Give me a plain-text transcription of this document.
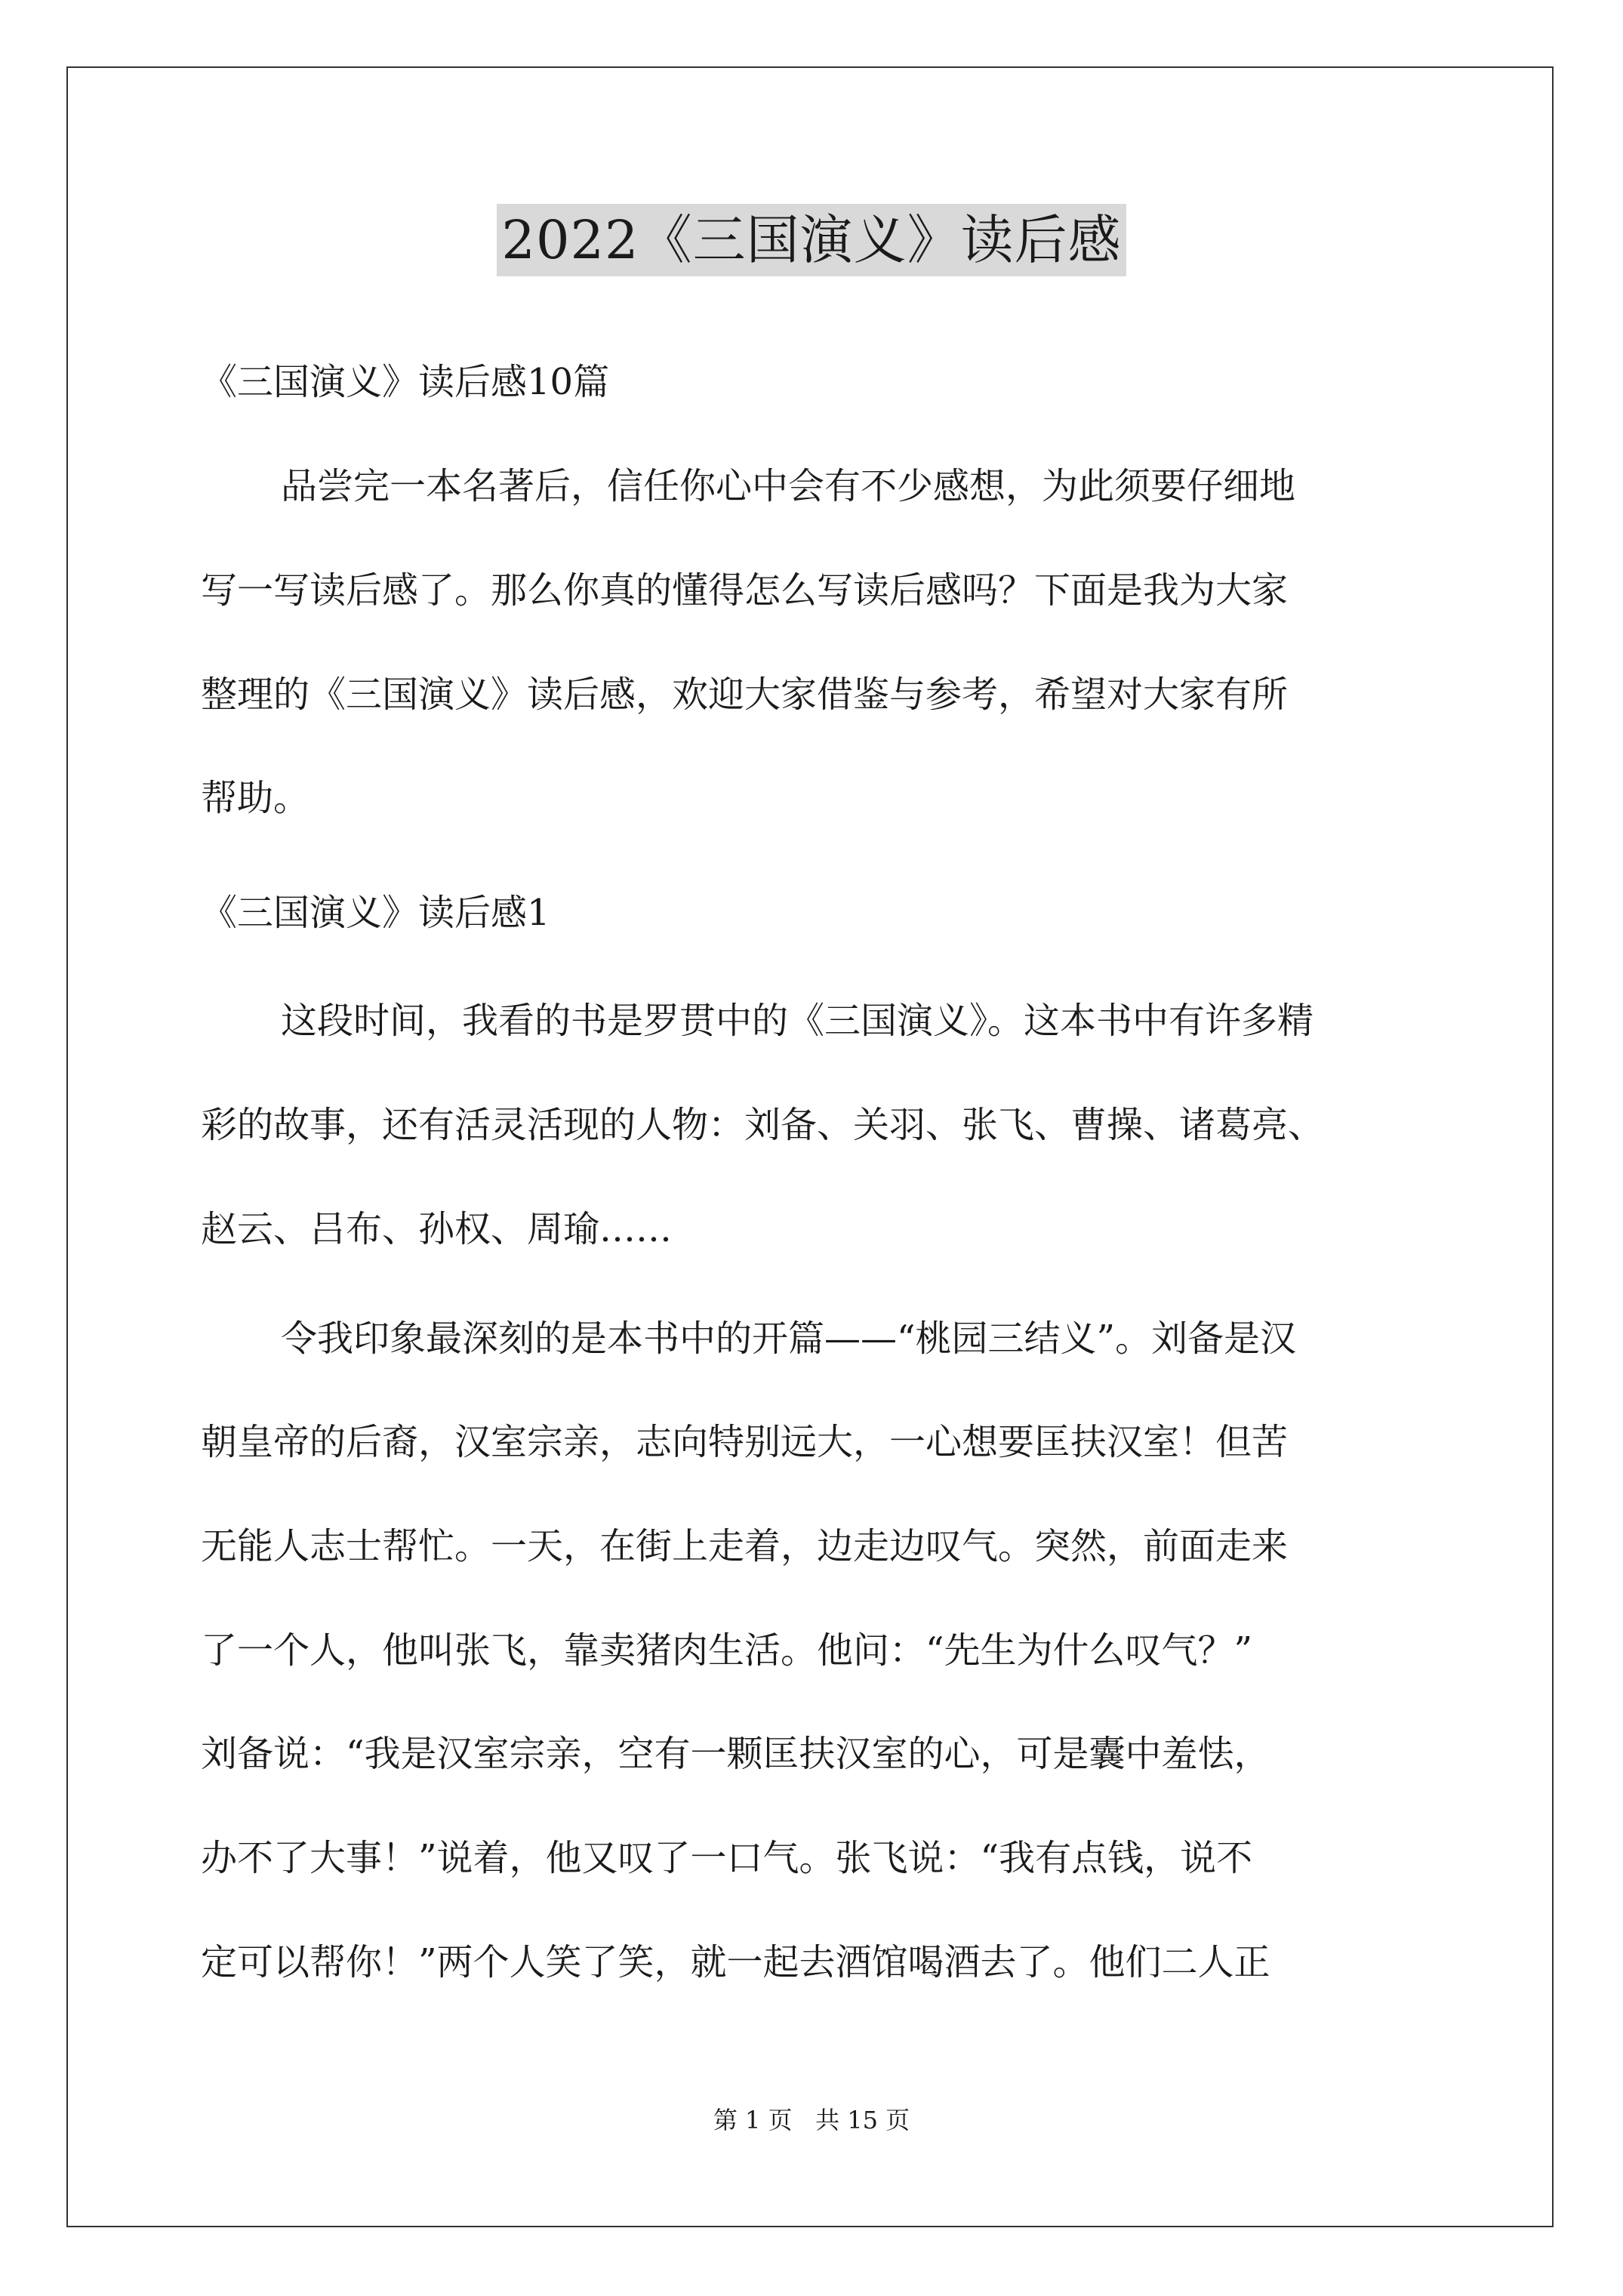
2022《三国演义》读后感
《三国演义》读后感10篇
品尝完一本名著后，信任你心中会有不少感想，为此须要仔细地
写一写读后感了。那么你真的懂得怎么写读后感吗？下面是我为大家
整理的《三国演义》读后感，欢迎大家借鉴与参考，希望对大家有所
帮助。
《三国演义》读后感1
这段时间，我看的书是罗贯中的《三国演义》。这本书中有许多精
彩的故事，还有活灵活现的人物：刘备、关羽、张飞、曹操、诸葛亮、
赵云、吕布、孙权、周瑜……
令我印象最深刻的是本书中的开篇——“桃园三结义”。刘备是汉
朝皇帝的后裔，汉室宗亲，志向特别远大，一心想要匡扶汉室！但苦
无能人志士帮忙。一天，在街上走着，边走边叹气。突然，前面走来
了一个人，他叫张飞，靠卖猪肉生活。他问：“先生为什么叹气？”
刘备说：“我是汉室宗亲，空有一颗匡扶汉室的心，可是囊中羞怯，
办不了大事！”说着，他又叹了一口气。张飞说：“我有点钱，说不
定可以帮你！”两个人笑了笑，就一起去酒馆喝酒去了。他们二人正
第 1 页   共 15 页
